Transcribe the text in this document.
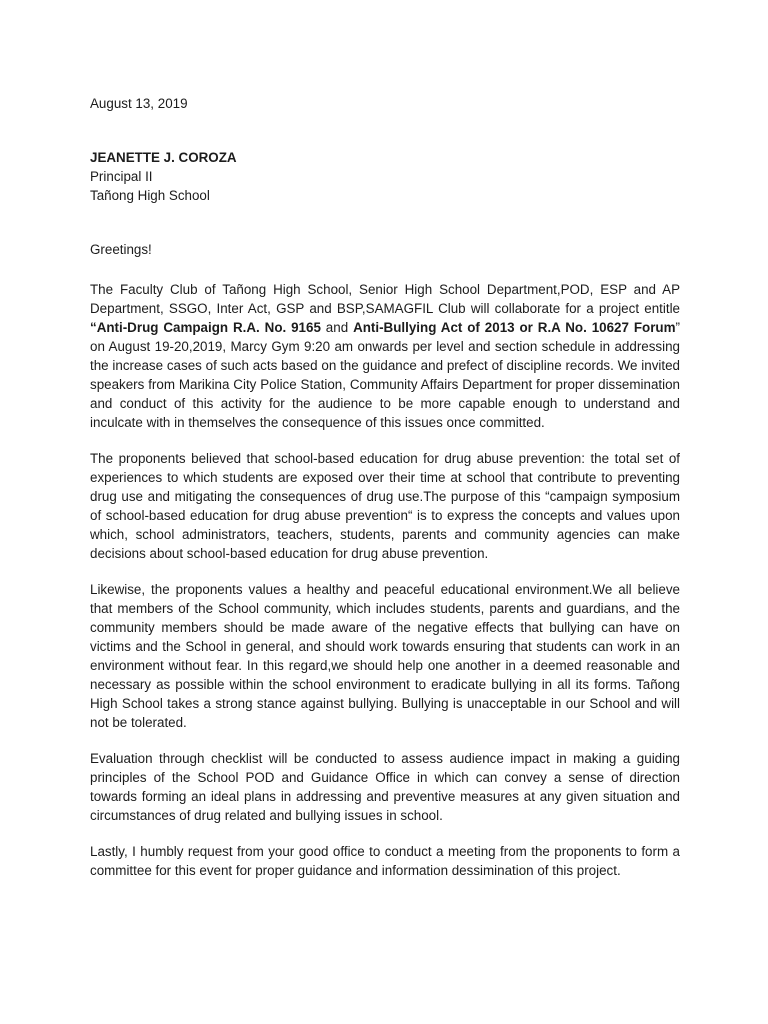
August 13, 2019
JEANETTE J. COROZA
Principal II
Tañong High School
Greetings!

The Faculty Club of Tañong High School, Senior High School Department,POD, ESP and AP Department, SSGO, Inter Act, GSP and BSP,SAMAGFIL Club will collaborate for a project entitle “Anti-Drug Campaign R.A. No. 9165 and Anti-Bullying Act of 2013 or R.A No. 10627 Forum” on August 19-20,2019, Marcy Gym 9:20 am onwards per level and section schedule in addressing the increase cases of such acts based on the guidance and prefect of discipline records. We invited speakers from Marikina City Police Station, Community Affairs Department for proper dissemination and conduct of this activity for the audience to be more capable enough to understand and inculcate with in themselves the consequence of this issues once committed.

The proponents believed that school-based education for drug abuse prevention: the total set of experiences to which students are exposed over their time at school that contribute to preventing drug use and mitigating the consequences of drug use.The purpose of this “campaign symposium of school-based education for drug abuse prevention“ is to express the concepts and values upon which, school administrators, teachers, students, parents and community agencies can make decisions about school-based education for drug abuse prevention.

Likewise, the proponents values a healthy and peaceful educational environment.We all believe that members of the School community, which includes students, parents and guardians, and the community members should be made aware of the negative effects that bullying can have on victims and the School in general, and should work towards ensuring that students can work in an environment without fear. In this regard,we should help one another in a deemed reasonable and necessary as possible within the school environment to eradicate bullying in all its forms. Tañong High School takes a strong stance against bullying. Bullying is unacceptable in our School and will not be tolerated.

Evaluation through checklist will be conducted to assess audience impact in making a guiding principles of the School POD and Guidance Office in which can convey a sense of direction towards forming an ideal plans in addressing and preventive measures at any given situation and circumstances of drug related and bullying issues in school.

Lastly, I humbly request from your good office to conduct a meeting from the proponents to form a committee for this event for proper guidance and information dessimination of this project.
